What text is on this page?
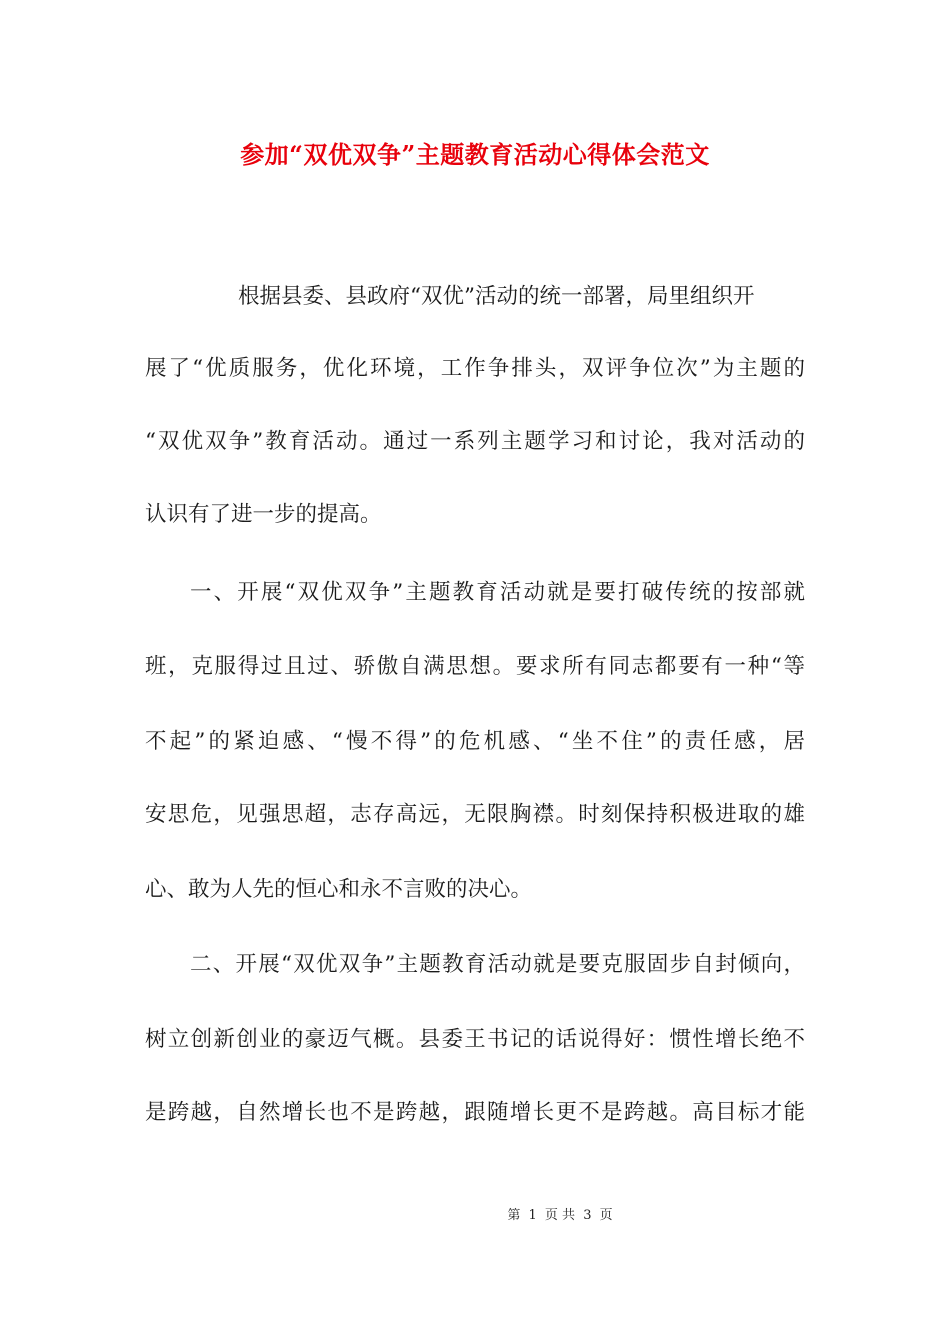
参加“双优双争”主题教育活动心得体会范文

根据县委、县政府“双优”活动的统一部署，局里组织开

展了“优质服务，优化环境，工作争排头，双评争位次”为主题的

“双优双争”教育活动。通过一系列主题学习和讨论，我对活动的

认识有了进一步的提高。

一、开展“双优双争”主题教育活动就是要打破传统的按部就

班，克服得过且过、骄傲自满思想。要求所有同志都要有一种“等

不起”的紧迫感、“慢不得”的危机感、“坐不住”的责任感，居

安思危，见强思超，志存高远，无限胸襟。时刻保持积极进取的雄

心、敢为人先的恒心和永不言败的决心。

二、开展“双优双争”主题教育活动就是要克服固步自封倾向，

树立创新创业的豪迈气概。县委王书记的话说得好：惯性增长绝不

是跨越，自然增长也不是跨越，跟随增长更不是跨越。高目标才能

第 1 页 共 3 页
